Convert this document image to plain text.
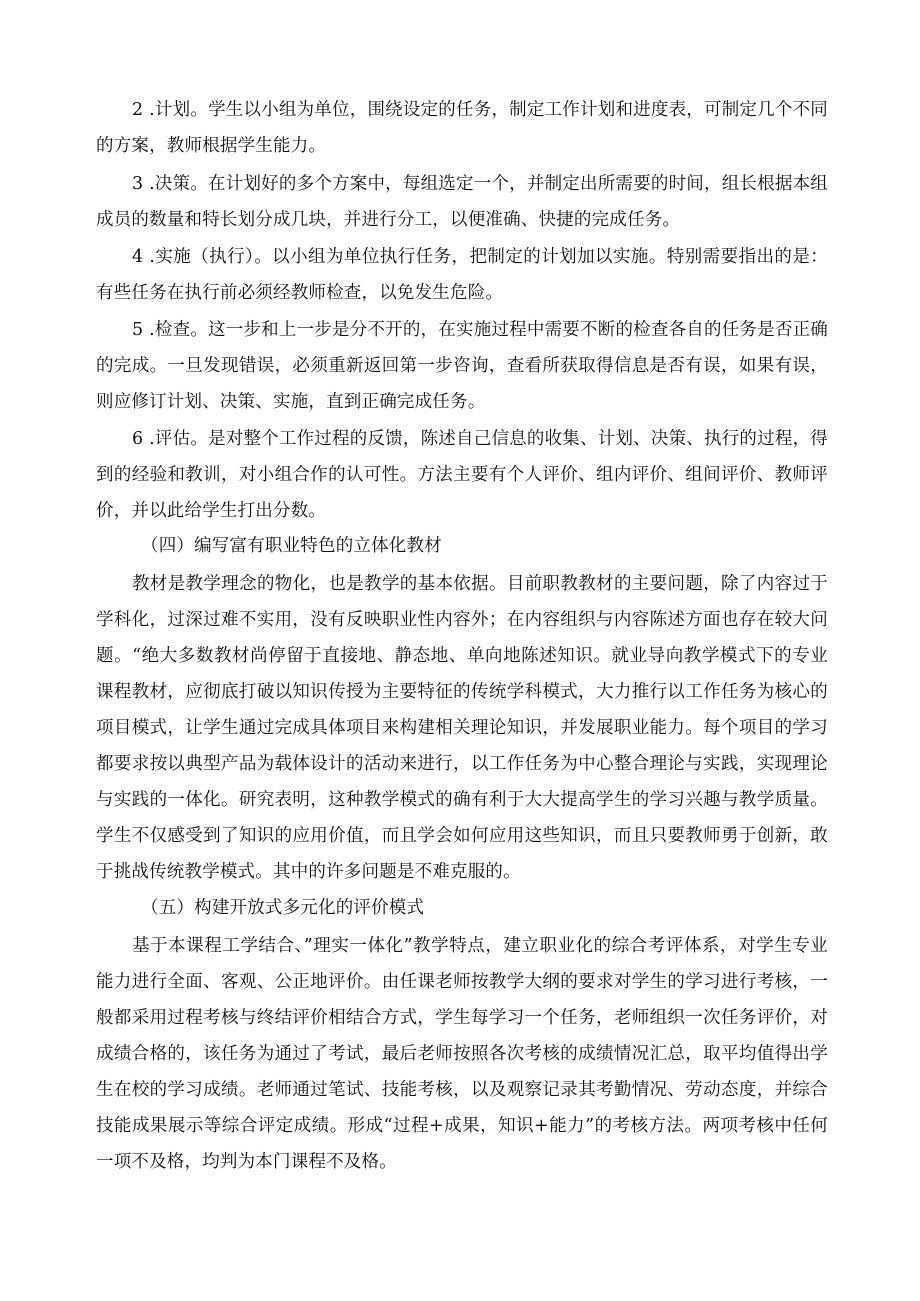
2 .计划。学生以小组为单位，围绕设定的任务，制定工作计划和进度表，可制定几个不同的方案，教师根据学生能力。

3 .决策。在计划好的多个方案中，每组选定一个，并制定出所需要的时间，组长根据本组成员的数量和特长划分成几块，并进行分工，以便准确、快捷的完成任务。

4 .实施（执行）。以小组为单位执行任务，把制定的计划加以实施。特别需要指出的是：有些任务在执行前必须经教师检查，以免发生危险。

5 .检查。这一步和上一步是分不开的，在实施过程中需要不断的检查各自的任务是否正确的完成。一旦发现错误，必须重新返回第一步咨询，查看所获取得信息是否有误，如果有误，则应修订计划、决策、实施，直到正确完成任务。

6 .评估。是对整个工作过程的反馈，陈述自己信息的收集、计划、决策、执行的过程，得到的经验和教训，对小组合作的认可性。方法主要有个人评价、组内评价、组间评价、教师评价，并以此给学生打出分数。

（四）编写富有职业特色的立体化教材

教材是教学理念的物化，也是教学的基本依据。目前职教教材的主要问题，除了内容过于学科化，过深过难不实用，没有反映职业性内容外；在内容组织与内容陈述方面也存在较大问题。“绝大多数教材尚停留于直接地、静态地、单向地陈述知识。就业导向教学模式下的专业课程教材，应彻底打破以知识传授为主要特征的传统学科模式，大力推行以工作任务为核心的项目模式，让学生通过完成具体项目来构建相关理论知识，并发展职业能力。每个项目的学习都要求按以典型产品为载体设计的活动来进行，以工作任务为中心整合理论与实践，实现理论与实践的一体化。研究表明，这种教学模式的确有利于大大提高学生的学习兴趣与教学质量。学生不仅感受到了知识的应用价值，而且学会如何应用这些知识，而且只要教师勇于创新，敢于挑战传统教学模式。其中的许多问题是不难克服的。

（五）构建开放式多元化的评价模式

基于本课程工学结合、”理实一体化”教学特点，建立职业化的综合考评体系，对学生专业能力进行全面、客观、公正地评价。由任课老师按教学大纲的要求对学生的学习进行考核，一般都采用过程考核与终结评价相结合方式，学生每学习一个任务，老师组织一次任务评价，对成绩合格的，该任务为通过了考试，最后老师按照各次考核的成绩情况汇总，取平均值得出学生在校的学习成绩。老师通过笔试、技能考核，以及观察记录其考勤情况、劳动态度，并综合技能成果展示等综合评定成绩。形成“过程+成果，知识+能力”的考核方法。两项考核中任何一项不及格，均判为本门课程不及格。
